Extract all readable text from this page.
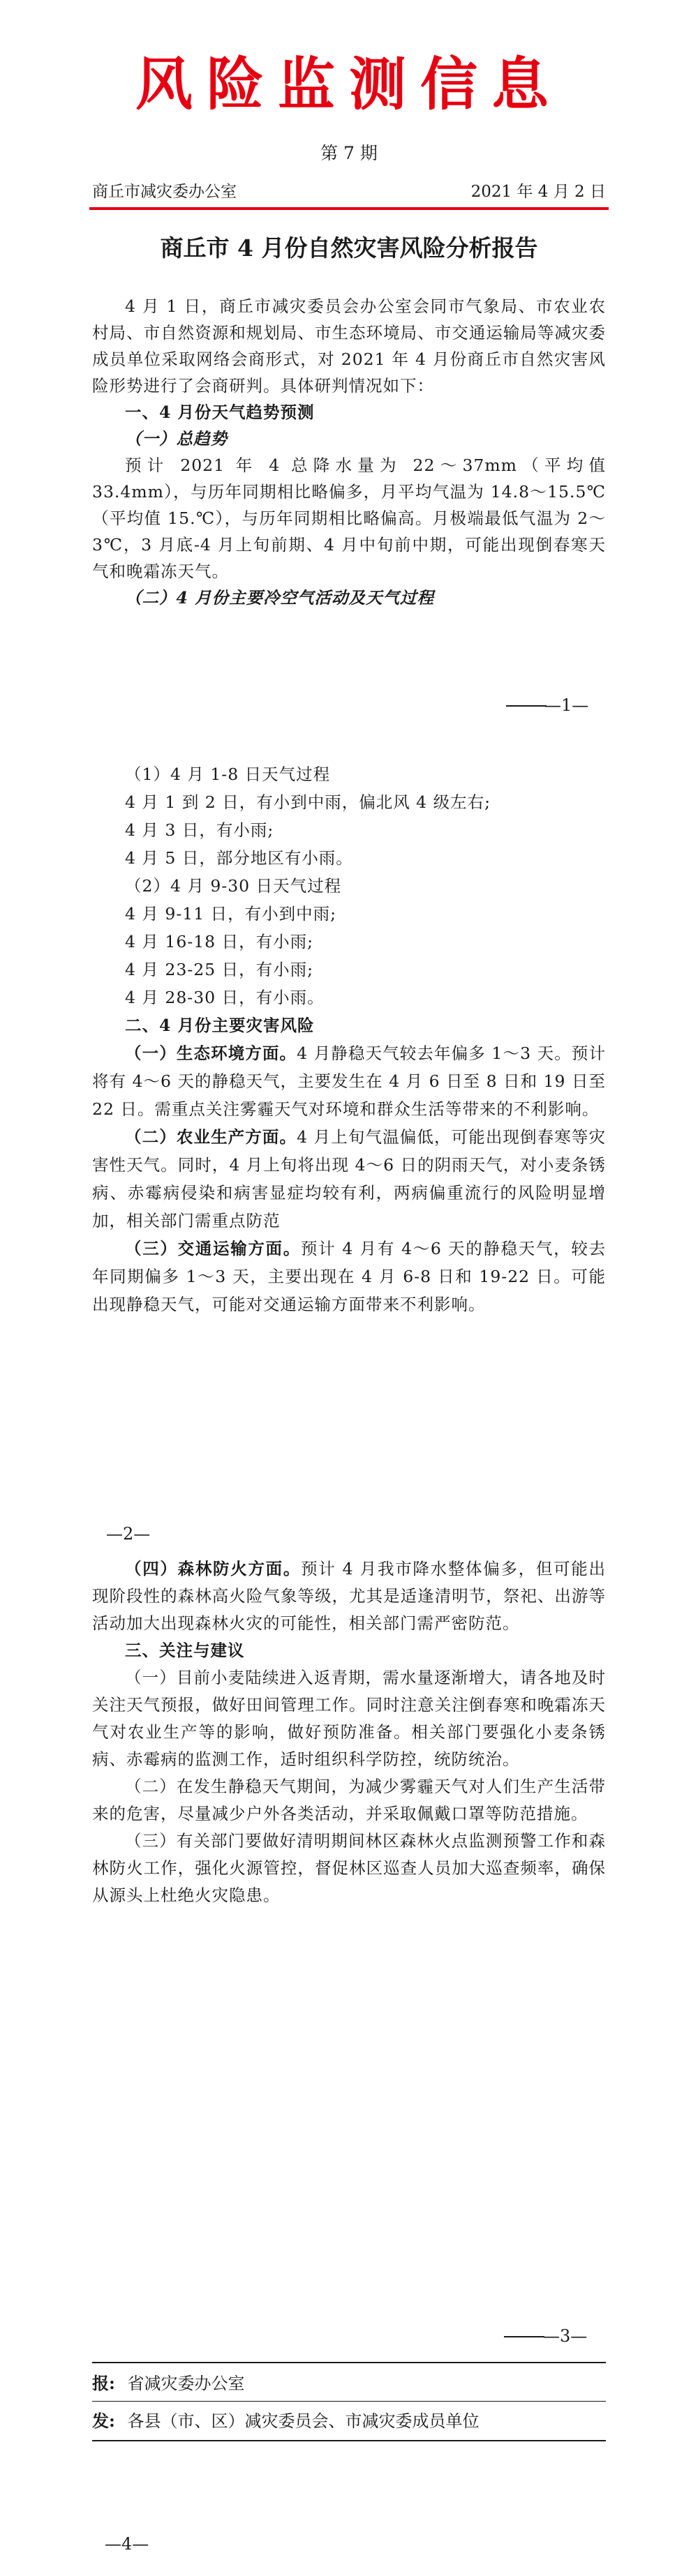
风险监测信息
第 7 期
商丘市减灾委办公室	2021 年 4 月 2 日
商丘市 4 月份自然灾害风险分析报告

4 月 1 日，商丘市减灾委员会办公室会同市气象局、市农业农村局、市自然资源和规划局、市生态环境局、市交通运输局等减灾委成员单位采取网络会商形式，对 2021 年 4 月份商丘市自然灾害风险形势进行了会商研判。具体研判情况如下：

一、4 月份天气趋势预测

（一）总趋势

预计 2021 年 4 总降水量为 22～37mm（平均值 33.4mm），与历年同期相比略偏多，月平均气温为 14.8～15.5℃（平均值 15.℃），与历年同期相比略偏高。月极端最低气温为 2～3℃，3 月底-4 月上旬前期、4 月中旬前中期，可能出现倒春寒天气和晚霜冻天气。

（二）4 月份主要冷空气活动及天气过程

—1—

（1）4 月 1-8 日天气过程

4 月 1 到 2 日，有小到中雨，偏北风 4 级左右;

4 月 3 日，有小雨;

4 月 5 日，部分地区有小雨。

（2）4 月 9-30 日天气过程

4 月 9-11 日，有小到中雨;

4 月 16-18 日，有小雨;

4 月 23-25 日，有小雨;

4 月 28-30 日，有小雨。

二、4 月份主要灾害风险

（一）生态环境方面。4 月静稳天气较去年偏多 1～3 天。预计将有 4～6 天的静稳天气，主要发生在 4 月 6 日至 8 日和 19 日至 22 日。需重点关注雾霾天气对环境和群众生活等带来的不利影响。

（二）农业生产方面。4 月上旬气温偏低，可能出现倒春寒等灾害性天气。同时，4 月上旬将出现 4～6 日的阴雨天气，对小麦条锈病、赤霉病侵染和病害显症均较有利，两病偏重流行的风险明显增加，相关部门需重点防范

（三）交通运输方面。预计 4 月有 4～6 天的静稳天气，较去年同期偏多 1～3 天，主要出现在 4 月 6-8 日和 19-22 日。可能出现静稳天气，可能对交通运输方面带来不利影响。

—2—

（四）森林防火方面。预计 4 月我市降水整体偏多，但可能出现阶段性的森林高火险气象等级，尤其是适逢清明节，祭祀、出游等活动加大出现森林火灾的可能性，相关部门需严密防范。

三、关注与建议

（一）目前小麦陆续进入返青期，需水量逐渐增大，请各地及时关注天气预报，做好田间管理工作。同时注意关注倒春寒和晚霜冻天气对农业生产等的影响，做好预防准备。相关部门要强化小麦条锈病、赤霉病的监测工作，适时组织科学防控，统防统治。

（二）在发生静稳天气期间，为减少雾霾天气对人们生产生活带来的危害，尽量减少户外各类活动，并采取佩戴口罩等防范措施。

（三）有关部门要做好清明期间林区森林火点监测预警工作和森林防火工作，强化火源管控，督促林区巡查人员加大巡查频率，确保从源头上杜绝火灾隐患。

—3—
报: 省减灾委办公室
发: 各县（市、区）减灾委员会、市减灾委成员单位
—4—
